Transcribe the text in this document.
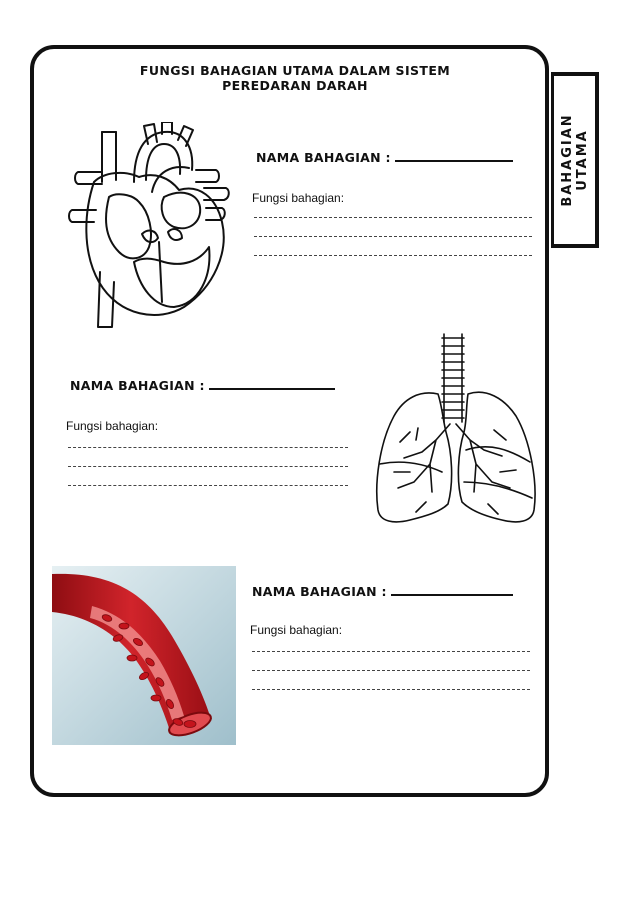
BAHAGIAN UTAMA
FUNGSI BAHAGIAN UTAMA DALAM SISTEM
PEREDARAN DARAH
NAMA BAHAGIAN :
Fungsi bahagian:
NAMA BAHAGIAN :
Fungsi bahagian:
NAMA BAHAGIAN :
Fungsi bahagian:
